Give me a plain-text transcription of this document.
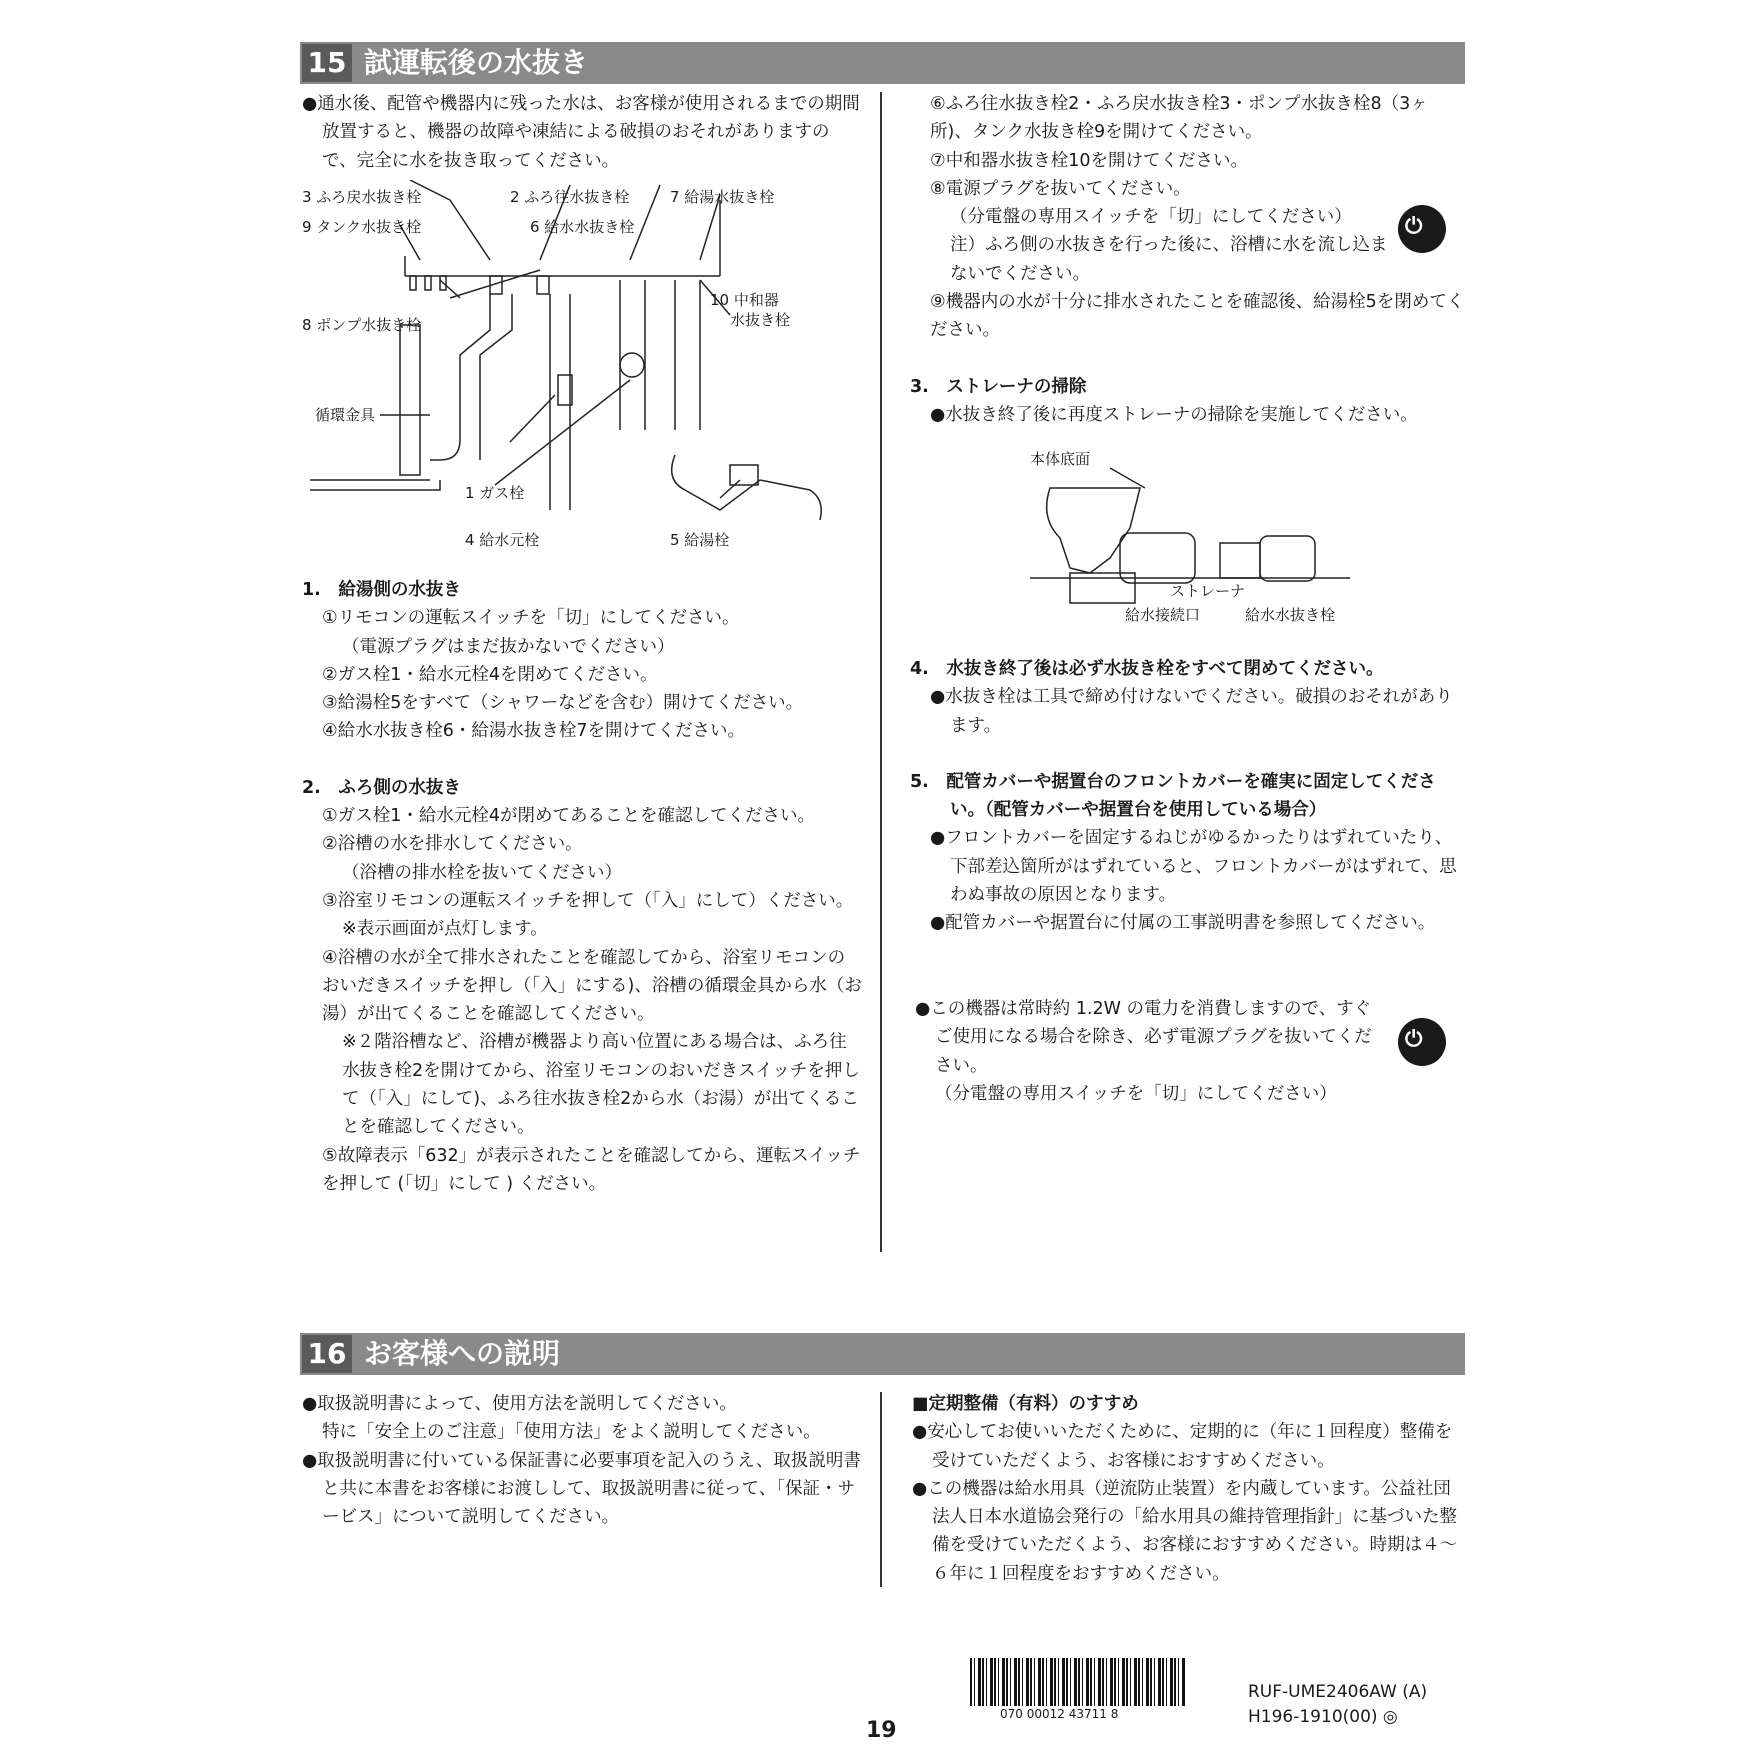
15 試運転後の水抜き

●通水後、配管や機器内に残った水は、お客様が使用されるまでの期間放置すると、機器の故障や凍結による破損のおそれがありますので、完全に水を抜き取ってください。

3 ふろ戻水抜き栓	2 ふろ往水抜き栓	7 給湯水抜き栓
9 タンク水抜き栓	6 給水水抜き栓
10 中和器
水抜き栓
8 ポンプ水抜き栓
循環金具
1 ガス栓
4 給水元栓	5 給湯栓

1.　給湯側の水抜き

①リモコンの運転スイッチを「切」にしてください。

（電源プラグはまだ抜かないでください）

②ガス栓1・給水元栓4を閉めてください。

③給湯栓5をすべて（シャワーなどを含む）開けてください。

④給水水抜き栓6・給湯水抜き栓7を開けてください。

2.　ふろ側の水抜き

①ガス栓1・給水元栓4が閉めてあることを確認してください。

②浴槽の水を排水してください。

（浴槽の排水栓を抜いてください）

③浴室リモコンの運転スイッチを押して（「入」にして）ください。

※表示画面が点灯します。

④浴槽の水が全て排水されたことを確認してから、浴室リモコンのおいだきスイッチを押し（「入」にする)、浴槽の循環金具から水（お湯）が出てくることを確認してください。

※２階浴槽など、浴槽が機器より高い位置にある場合は、ふろ往水抜き栓2を開けてから、浴室リモコンのおいだきスイッチを押して（「入」にして)、ふろ往水抜き栓2から水（お湯）が出てくることを確認してください。

⑤故障表示「632」が表示されたことを確認してから、運転スイッチを押して (「切」にして ) ください。

⑥ふろ往水抜き栓2・ふろ戻水抜き栓3・ポンプ水抜き栓8（3ヶ所)、タンク水抜き栓9を開けてください。

⑦中和器水抜き栓10を開けてください。

⑧電源プラグを抜いてください。

（分電盤の専用スイッチを「切」にしてください）

注）ふろ側の水抜きを行った後に、浴槽に水を流し込まないでください。

⑨機器内の水が十分に排水されたことを確認後、給湯栓5を閉めてください。

3.　ストレーナの掃除

●水抜き終了後に再度ストレーナの掃除を実施してください。

⏻
本体底面
ストレーナ
給水接続口	給水水抜き栓

4.　水抜き終了後は必ず水抜き栓をすべて閉めてください。

●水抜き栓は工具で締め付けないでください。破損のおそれがあります。

5.　配管カバーや据置台のフロントカバーを確実に固定してください。（配管カバーや据置台を使用している場合）

●フロントカバーを固定するねじがゆるかったりはずれていたり、下部差込箇所がはずれていると、フロントカバーがはずれて、思わぬ事故の原因となります。

●配管カバーや据置台に付属の工事説明書を参照してください。

●この機器は常時約 1.2W の電力を消費しますので、すぐご使用になる場合を除き、必ず電源プラグを抜いてください。

（分電盤の専用スイッチを「切」にしてください）

⏻
16 お客様への説明

●取扱説明書によって、使用方法を説明してください。

特に「安全上のご注意」「使用方法」をよく説明してください。

●取扱説明書に付いている保証書に必要事項を記入のうえ、取扱説明書と共に本書をお客様にお渡しして、取扱説明書に従って、「保証・サービス」について説明してください。

■定期整備（有料）のすすめ

●安心してお使いいただくために、定期的に（年に１回程度）整備を受けていただくよう、お客様におすすめください。

●この機器は給水用具（逆流防止装置）を内蔵しています。公益社団法人日本水道協会発行の「給水用具の維持管理指針」に基づいた整備を受けていただくよう、お客様におすすめください。時期は４～６年に１回程度をおすすめください。

070 00012 43711 8
19
RUF-UME2406AW (A)
H196-1910(00) ◎
